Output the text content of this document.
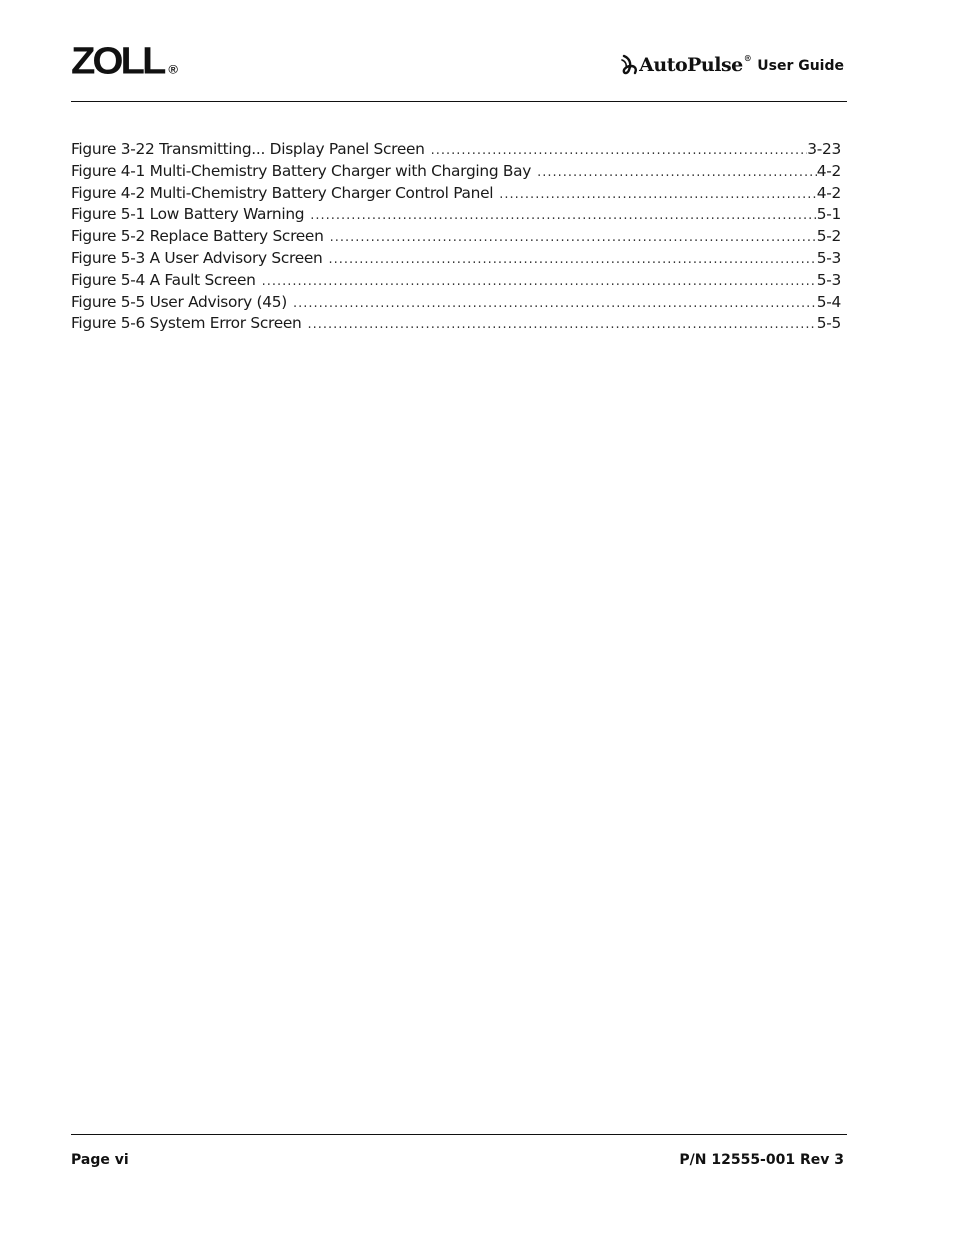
ZOLL ®	AutoPulse® User Guide
Figure 3-22 Transmitting... Display Panel Screen .....	3-23
Figure 4-1 Multi-Chemistry Battery Charger with Charging Bay .....	4-2
Figure 4-2 Multi-Chemistry Battery Charger Control Panel .....	4-2
Figure 5-1 Low Battery Warning .....	5-1
Figure 5-2 Replace Battery Screen .....	5-2
Figure 5-3 A User Advisory Screen .....	5-3
Figure 5-4 A Fault Screen .....	5-3
Figure 5-5 User Advisory (45) .....	5-4
Figure 5-6 System Error Screen .....	5-5
Page vi	P/N 12555-001 Rev 3
